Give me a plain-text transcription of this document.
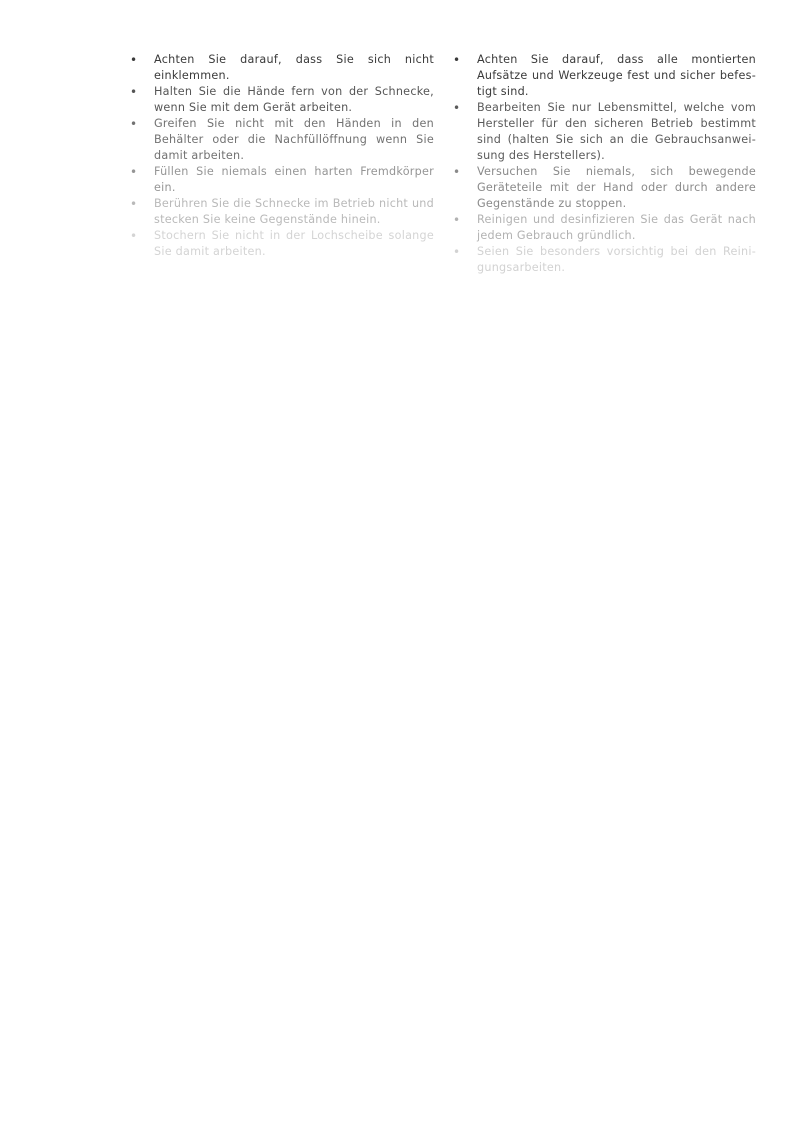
• Achten Sie darauf, dass Sie sich nicht einklemmen.
• Halten Sie die Hände fern von der Schnecke, wenn Sie mit dem Gerät arbeiten.
• Greifen Sie nicht mit den Händen in den Behälter oder die Nachfüllöffnung wenn Sie damit arbeiten.
• Füllen Sie niemals einen harten Fremdkörper ein.
• Berühren Sie die Schnecke im Betrieb nicht und stecken Sie keine Gegenstände hinein.
• Stochern Sie nicht in der Lochscheibe solange Sie damit arbeiten.
• Achten Sie darauf, dass alle montierten Aufsätze und Werkzeuge fest und sicher befes-tigt sind.
• Bearbeiten Sie nur Lebensmittel, welche vom Hersteller für den sicheren Betrieb bestimmt sind (halten Sie sich an die Gebrauchsanwei-sung des Herstellers).
• Versuchen Sie niemals, sich bewegende Geräteteile mit der Hand oder durch andere Gegenstände zu stoppen.
• Reinigen und desinfizieren Sie das Gerät nach jedem Gebrauch gründlich.
• Seien Sie besonders vorsichtig bei den Reini-gungsarbeiten.
